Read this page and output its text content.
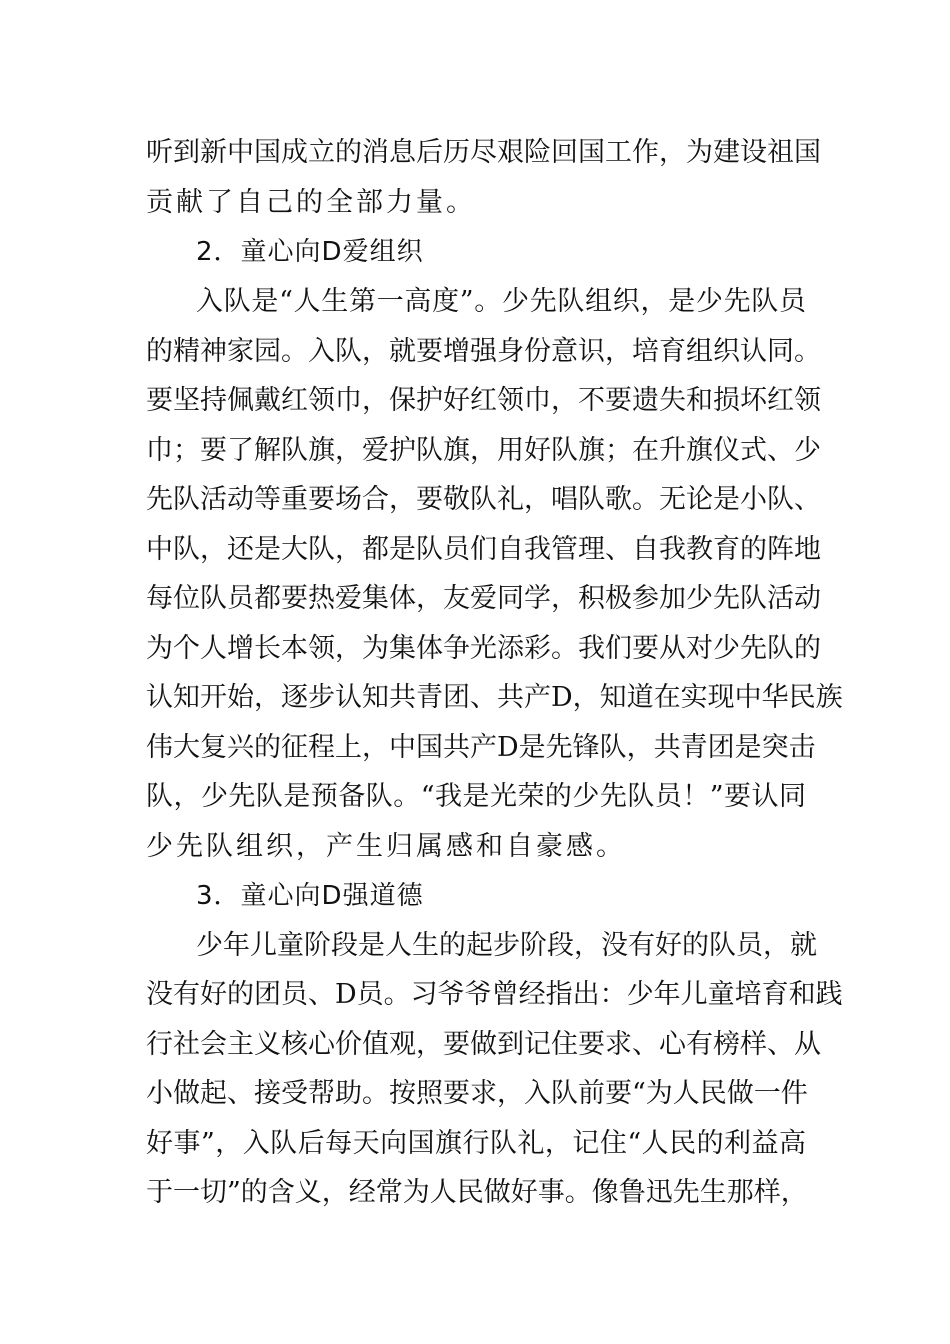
听到新中国成立的消息后历尽艰险回国工作，为建设祖国
贡献了自己的全部力量。
2．童心向D爱组织
入队是“人生第一高度”。少先队组织，是少先队员
的精神家园。入队，就要增强身份意识，培育组织认同。
要坚持佩戴红领巾，保护好红领巾，不要遗失和损坏红领
巾；要了解队旗，爱护队旗，用好队旗；在升旗仪式、少
先队活动等重要场合，要敬队礼，唱队歌。无论是小队、
中队，还是大队，都是队员们自我管理、自我教育的阵地
每位队员都要热爱集体，友爱同学，积极参加少先队活动
为个人增长本领，为集体争光添彩。我们要从对少先队的
认知开始，逐步认知共青团、共产D，知道在实现中华民族
伟大复兴的征程上，中国共产D是先锋队，共青团是突击
队，少先队是预备队。“我是光荣的少先队员！”要认同
少先队组织，产生归属感和自豪感。
3．童心向D强道德
少年儿童阶段是人生的起步阶段，没有好的队员，就
没有好的团员、D员。习爷爷曾经指出：少年儿童培育和践
行社会主义核心价值观，要做到记住要求、心有榜样、从
小做起、接受帮助。按照要求，入队前要“为人民做一件
好事”，入队后每天向国旗行队礼，记住“人民的利益高
于一切”的含义，经常为人民做好事。像鲁迅先生那样，
